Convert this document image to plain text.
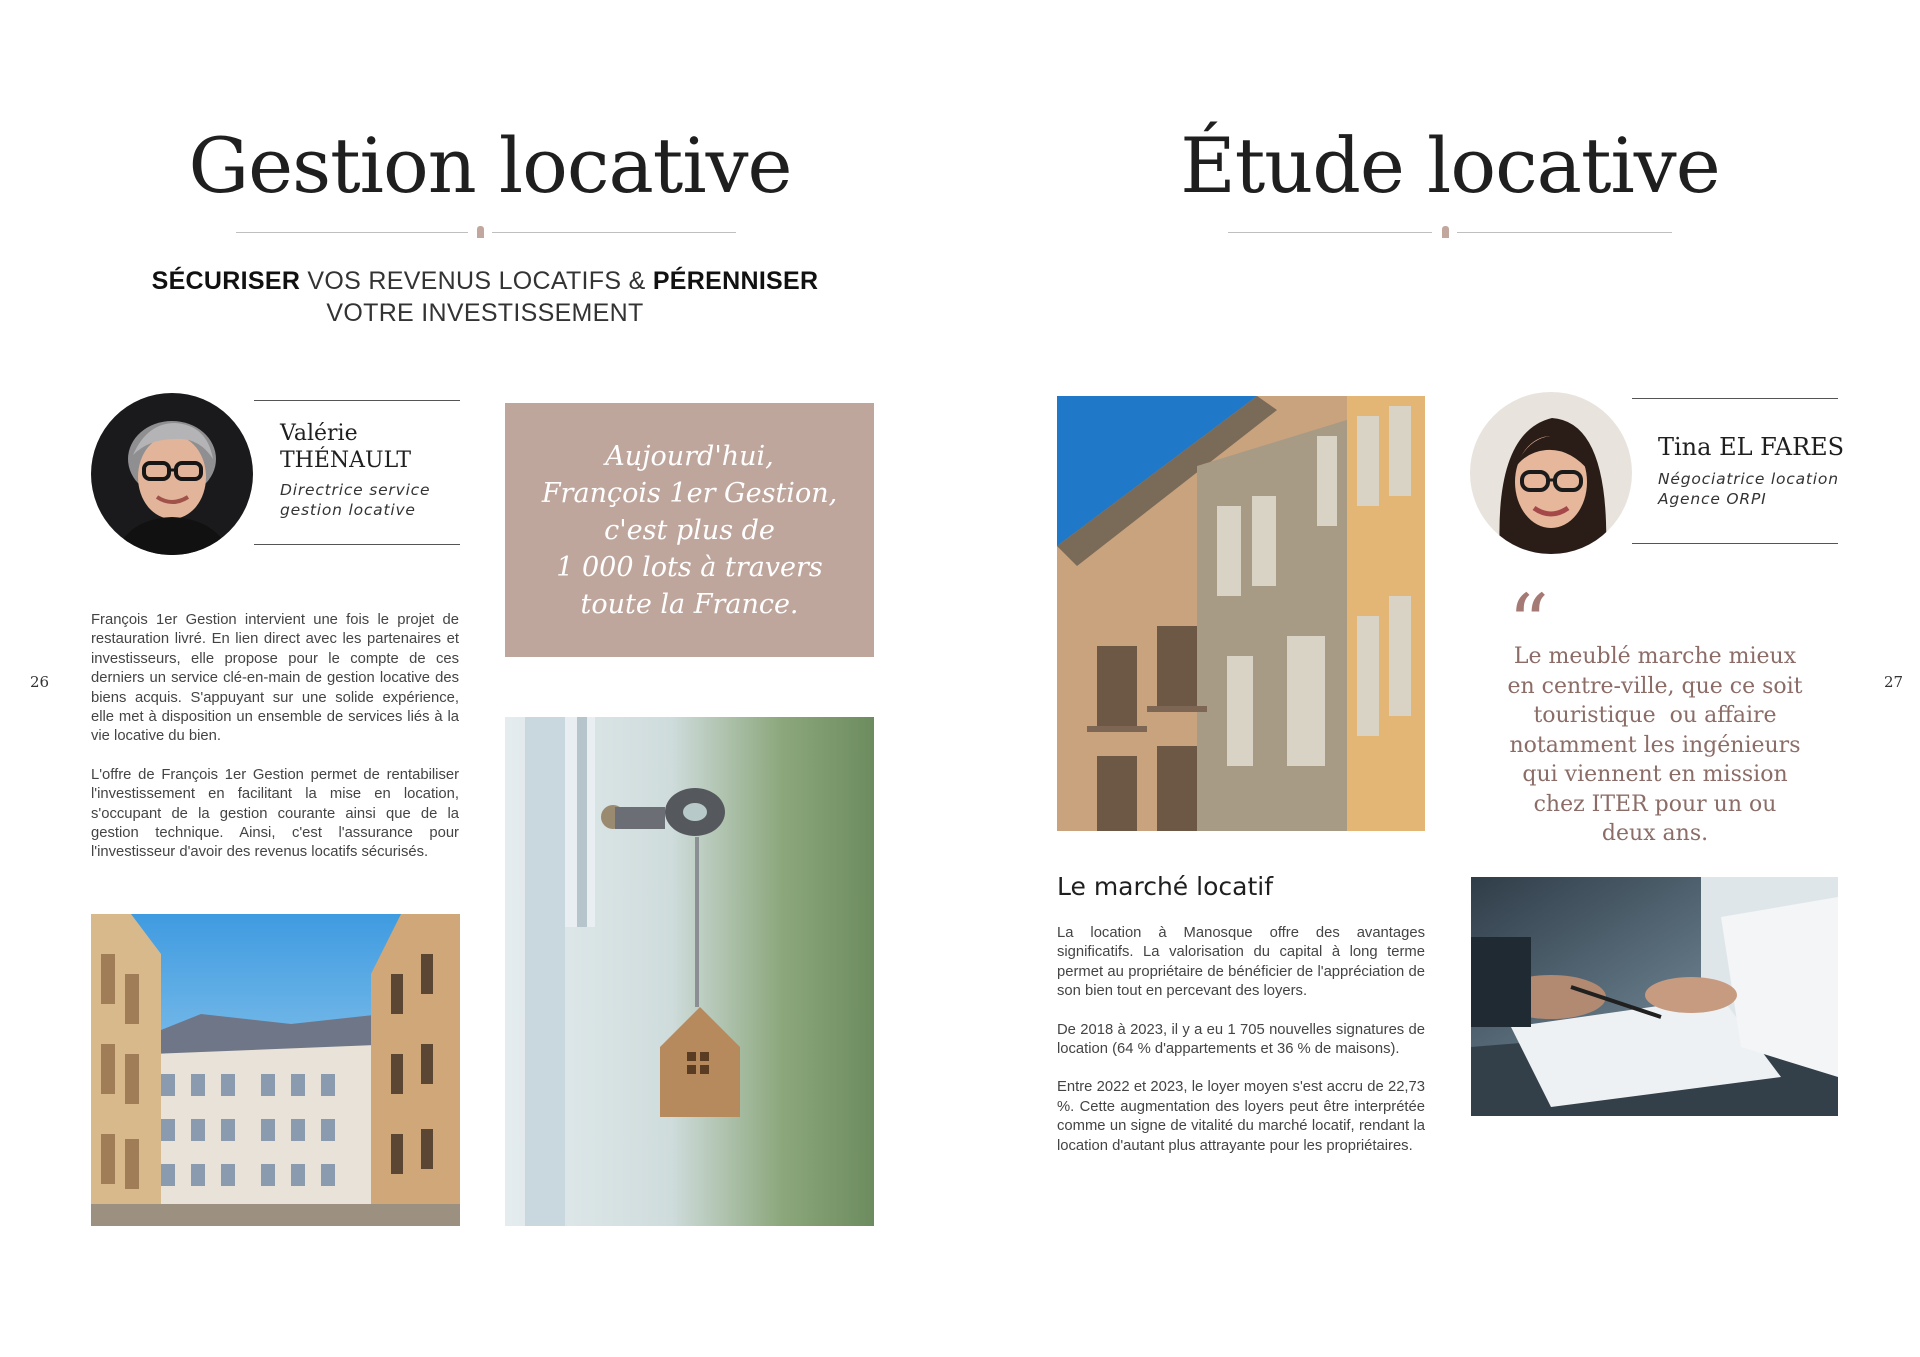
Gestion locative
SÉCURISER VOS REVENUS LOCATIFS & PÉRENNISER
VOTRE INVESTISSEMENT
26
Valérie
THÉNAULT
Directrice service
gestion locative

François 1er Gestion intervient une fois le projet de restauration livré. En lien direct avec les partenaires et investisseurs, elle propose pour le compte de ces derniers un service clé-en-main de gestion locative des biens acquis. S'appuyant sur une solide expérience, elle met à disposition un ensemble de services liés à la vie locative du bien.

L'offre de François 1er Gestion permet de rentabiliser l'investissement en facilitant la mise en location, s'occupant de la gestion courante ainsi que de la gestion technique. Ainsi, c'est l'assurance pour l'investisseur d'avoir des revenus locatifs sécurisés.

Aujourd'hui,
François 1er Gestion,
c'est plus de
1 000 lots à travers
toute la France.
Étude locative
27
Tina EL FARES
Négociatrice location
Agence ORPI
“
Le meublé marche mieux
en centre-ville, que ce soit
touristique  ou affaire
notamment les ingénieurs
qui viennent en mission
chez ITER pour un ou
deux ans.
Le marché locatif

La location à Manosque offre des avantages significatifs. La valorisation du capital à long terme permet au propriétaire de bénéficier de l'appréciation de son bien tout en percevant des loyers.

De 2018 à 2023, il y a eu 1 705 nouvelles signatures de location (64 % d'appartements et 36 % de maisons).

Entre 2022 et 2023, le loyer moyen s'est accru de 22,73 %. Cette augmentation des loyers peut être interprétée comme un signe de vitalité du marché locatif, rendant la location d'autant plus attrayante pour les propriétaires.
